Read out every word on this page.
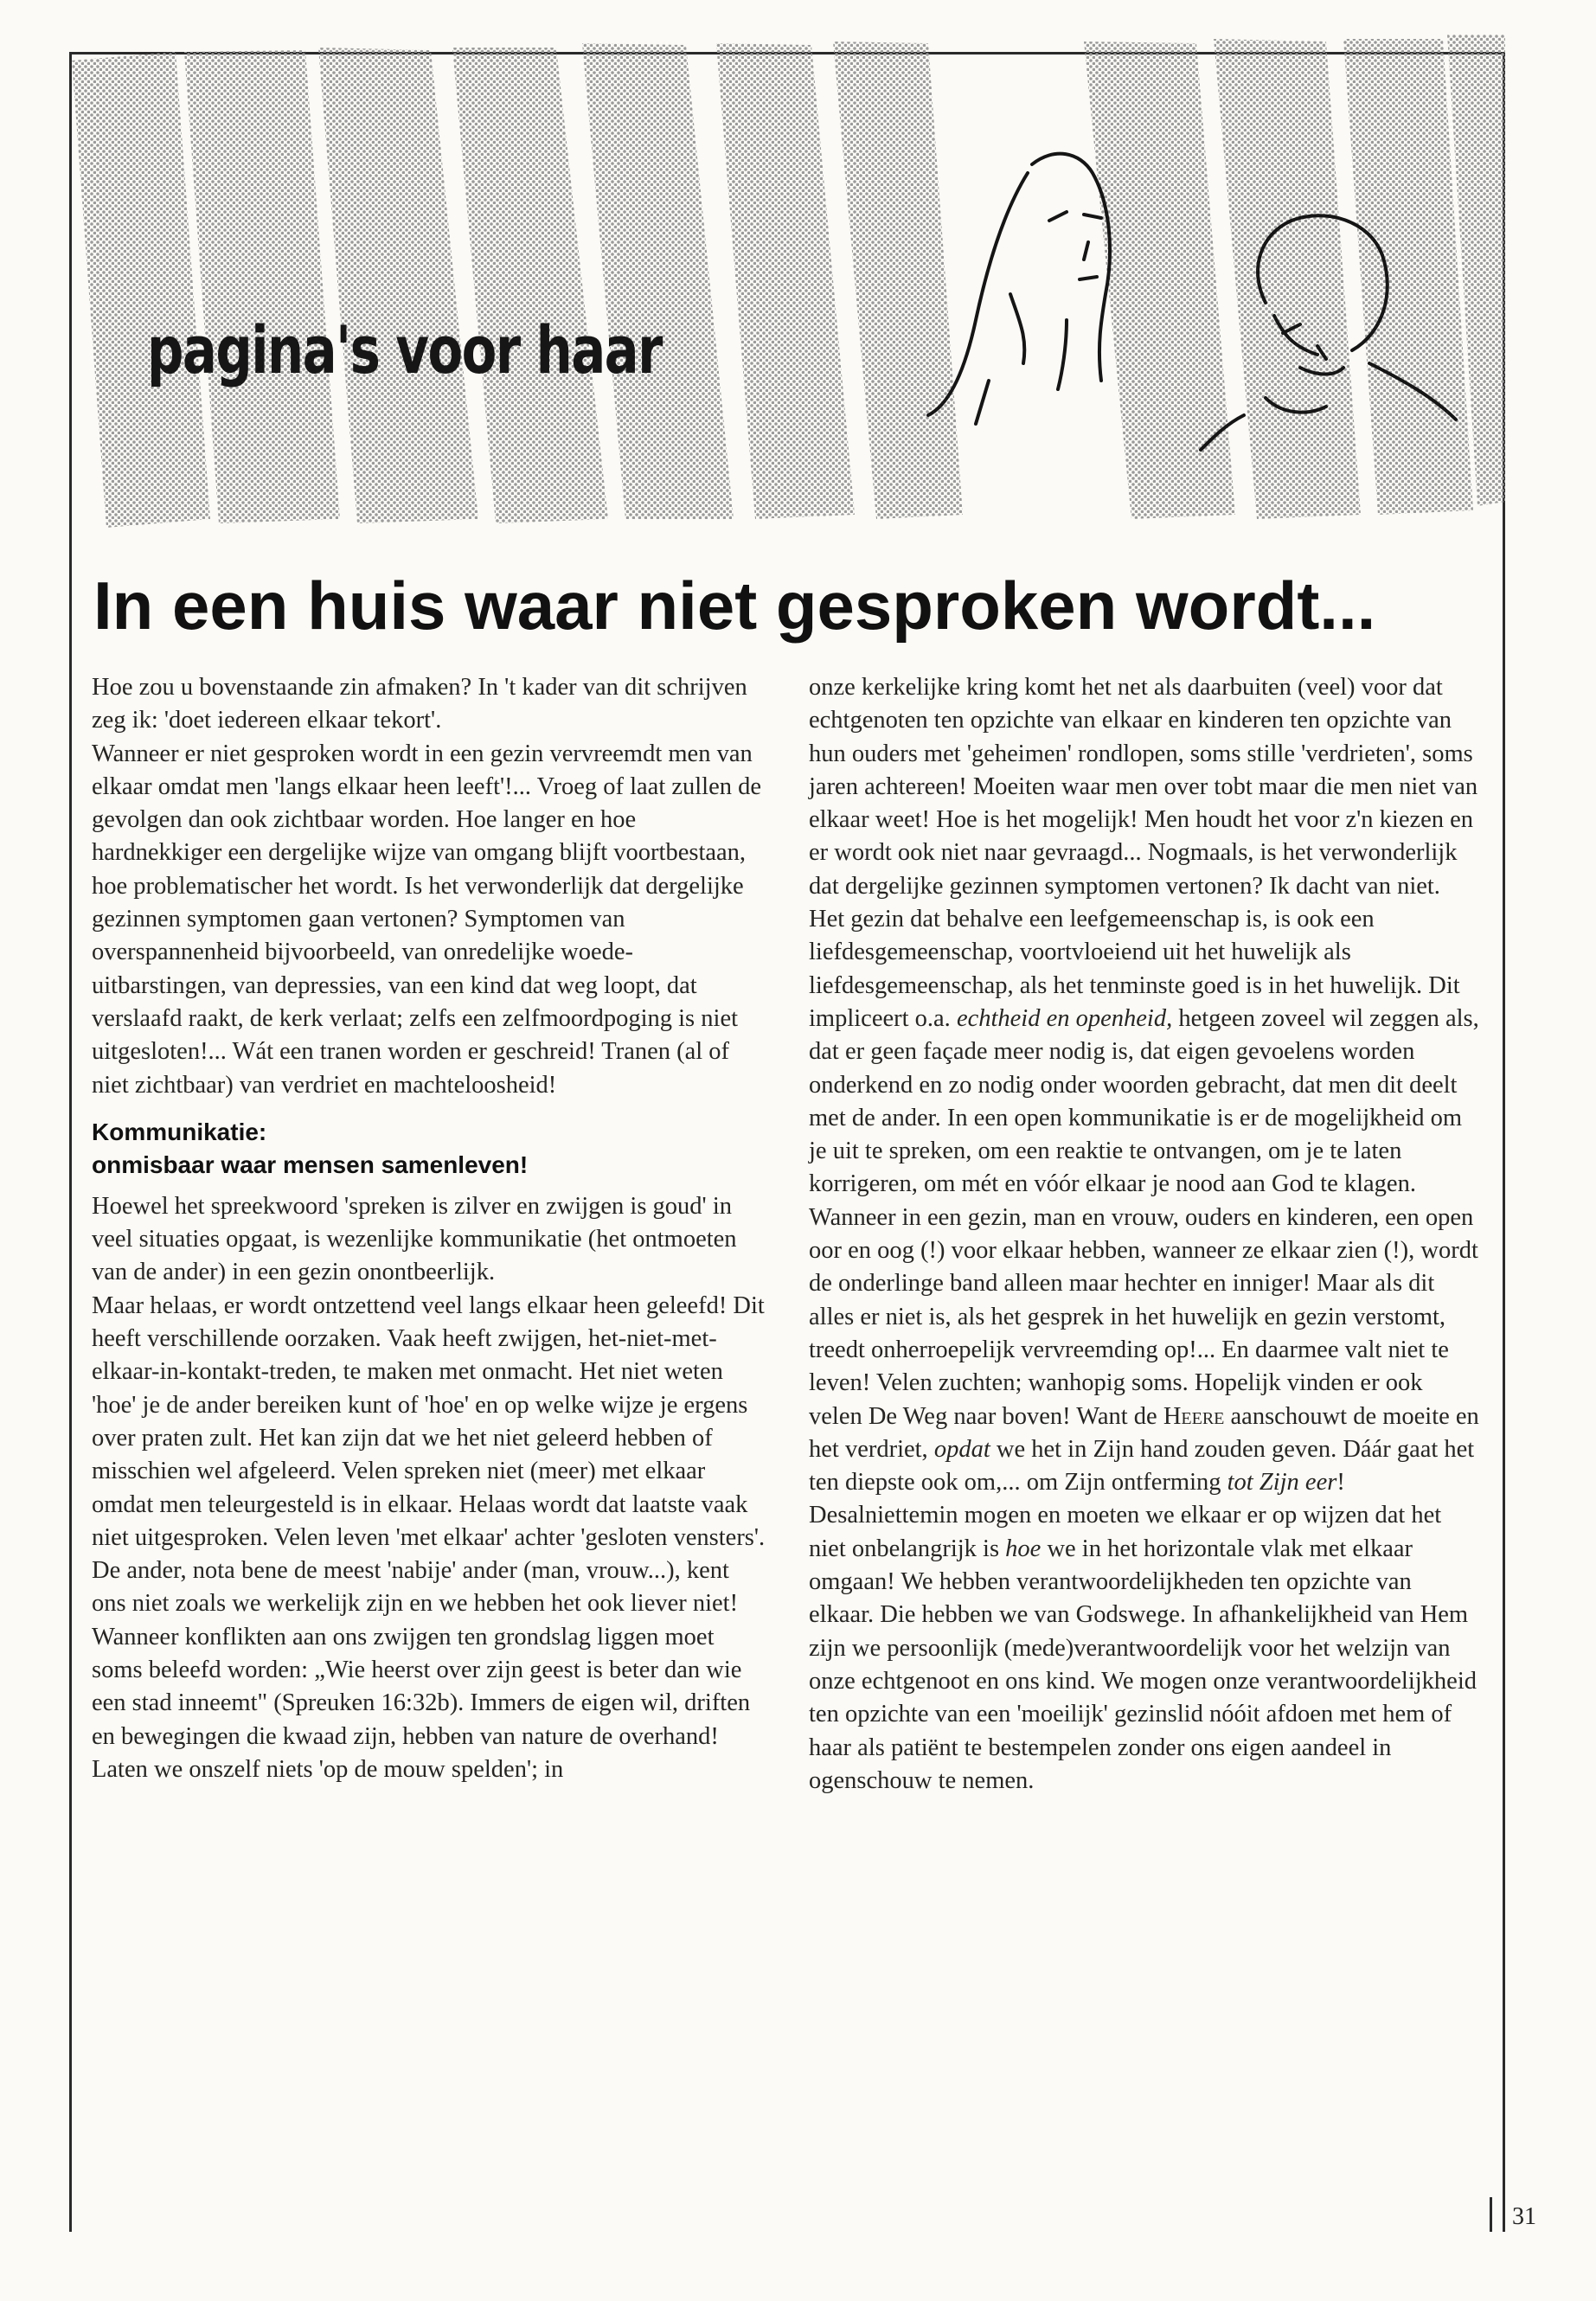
pagina's voor haar
In een huis waar niet gesproken wordt...

Hoe zou u bovenstaande zin afmaken? In 't kader van dit schrijven zeg ik: 'doet iedereen elkaar tekort'.

Wanneer er niet gesproken wordt in een gezin vervreemdt men van elkaar omdat men 'langs elkaar heen leeft'!... Vroeg of laat zullen de gevolgen dan ook zichtbaar worden. Hoe langer en hoe hardnekkiger een dergelijke wijze van omgang blijft voortbestaan, hoe problematischer het wordt. Is het verwonderlijk dat dergelijke gezinnen symptomen gaan vertonen? Symptomen van overspannenheid bijvoorbeeld, van onredelijke woede-uitbarstingen, van depressies, van een kind dat weg loopt, dat verslaafd raakt, de kerk verlaat; zelfs een zelfmoordpoging is niet uitgesloten!... Wát een tranen worden er geschreid! Tranen (al of niet zichtbaar) van verdriet en machteloosheid!

Kommunikatie:
onmisbaar waar mensen samenleven!

Hoewel het spreekwoord 'spreken is zilver en zwijgen is goud' in veel situaties opgaat, is wezenlijke kommunikatie (het ontmoeten van de ander) in een gezin onontbeerlijk.

Maar helaas, er wordt ontzettend veel langs elkaar heen geleefd! Dit heeft verschillende oorzaken. Vaak heeft zwijgen, het-niet-met-elkaar-in-kontakt-treden, te maken met onmacht. Het niet weten 'hoe' je de ander bereiken kunt of 'hoe' en op welke wijze je ergens over praten zult. Het kan zijn dat we het niet geleerd hebben of misschien wel afgeleerd. Velen spreken niet (meer) met elkaar omdat men teleurgesteld is in elkaar. Helaas wordt dat laatste vaak niet uitgesproken. Velen leven 'met elkaar' achter 'gesloten vensters'. De ander, nota bene de meest 'nabije' ander (man, vrouw...), kent ons niet zoals we werkelijk zijn en we hebben het ook liever niet!

Wanneer konflikten aan ons zwijgen ten grondslag liggen moet soms beleefd worden: „Wie heerst over zijn geest is beter dan wie een stad inneemt" (Spreuken 16:32b). Immers de eigen wil, driften en bewegingen die kwaad zijn, hebben van nature de overhand!

Laten we onszelf niets 'op de mouw spelden'; in

onze kerkelijke kring komt het net als daarbuiten (veel) voor dat echtgenoten ten opzichte van elkaar en kinderen ten opzichte van hun ouders met 'geheimen' rondlopen, soms stille 'verdrieten', soms jaren achtereen! Moeiten waar men over tobt maar die men niet van elkaar weet! Hoe is het mogelijk! Men houdt het voor z'n kiezen en er wordt ook niet naar gevraagd... Nogmaals, is het verwonderlijk dat dergelijke gezinnen symptomen vertonen? Ik dacht van niet. Het gezin dat behalve een leefgemeenschap is, is ook een liefdesgemeenschap, voortvloeiend uit het huwelijk als liefdesgemeenschap, als het tenminste goed is in het huwelijk. Dit impliceert o.a. echtheid en openheid, hetgeen zoveel wil zeggen als, dat er geen façade meer nodig is, dat eigen gevoelens worden onderkend en zo nodig onder woorden gebracht, dat men dit deelt met de ander. In een open kommunikatie is er de mogelijkheid om je uit te spreken, om een reaktie te ontvangen, om je te laten korrigeren, om mét en vóór elkaar je nood aan God te klagen.

Wanneer in een gezin, man en vrouw, ouders en kinderen, een open oor en oog (!) voor elkaar hebben, wanneer ze elkaar zien (!), wordt de onderlinge band alleen maar hechter en inniger! Maar als dit alles er niet is, als het gesprek in het huwelijk en gezin verstomt, treedt onherroepelijk vervreemding op!... En daarmee valt niet te leven! Velen zuchten; wanhopig soms. Hopelijk vinden er ook velen De Weg naar boven! Want de Heere aanschouwt de moeite en het verdriet, opdat we het in Zijn hand zouden geven. Dáár gaat het ten diepste ook om,... om Zijn ontferming tot Zijn eer!

Desalniettemin mogen en moeten we elkaar er op wijzen dat het niet onbelangrijk is hoe we in het horizontale vlak met elkaar omgaan! We hebben verantwoordelijkheden ten opzichte van elkaar. Die hebben we van Godswege. In afhankelijkheid van Hem zijn we persoonlijk (mede)verantwoordelijk voor het welzijn van onze echtgenoot en ons kind. We mogen onze verantwoordelijkheid ten opzichte van een 'moeilijk' gezinslid nóóit afdoen met hem of haar als patiënt te bestempelen zonder ons eigen aandeel in ogenschouw te nemen.

31
